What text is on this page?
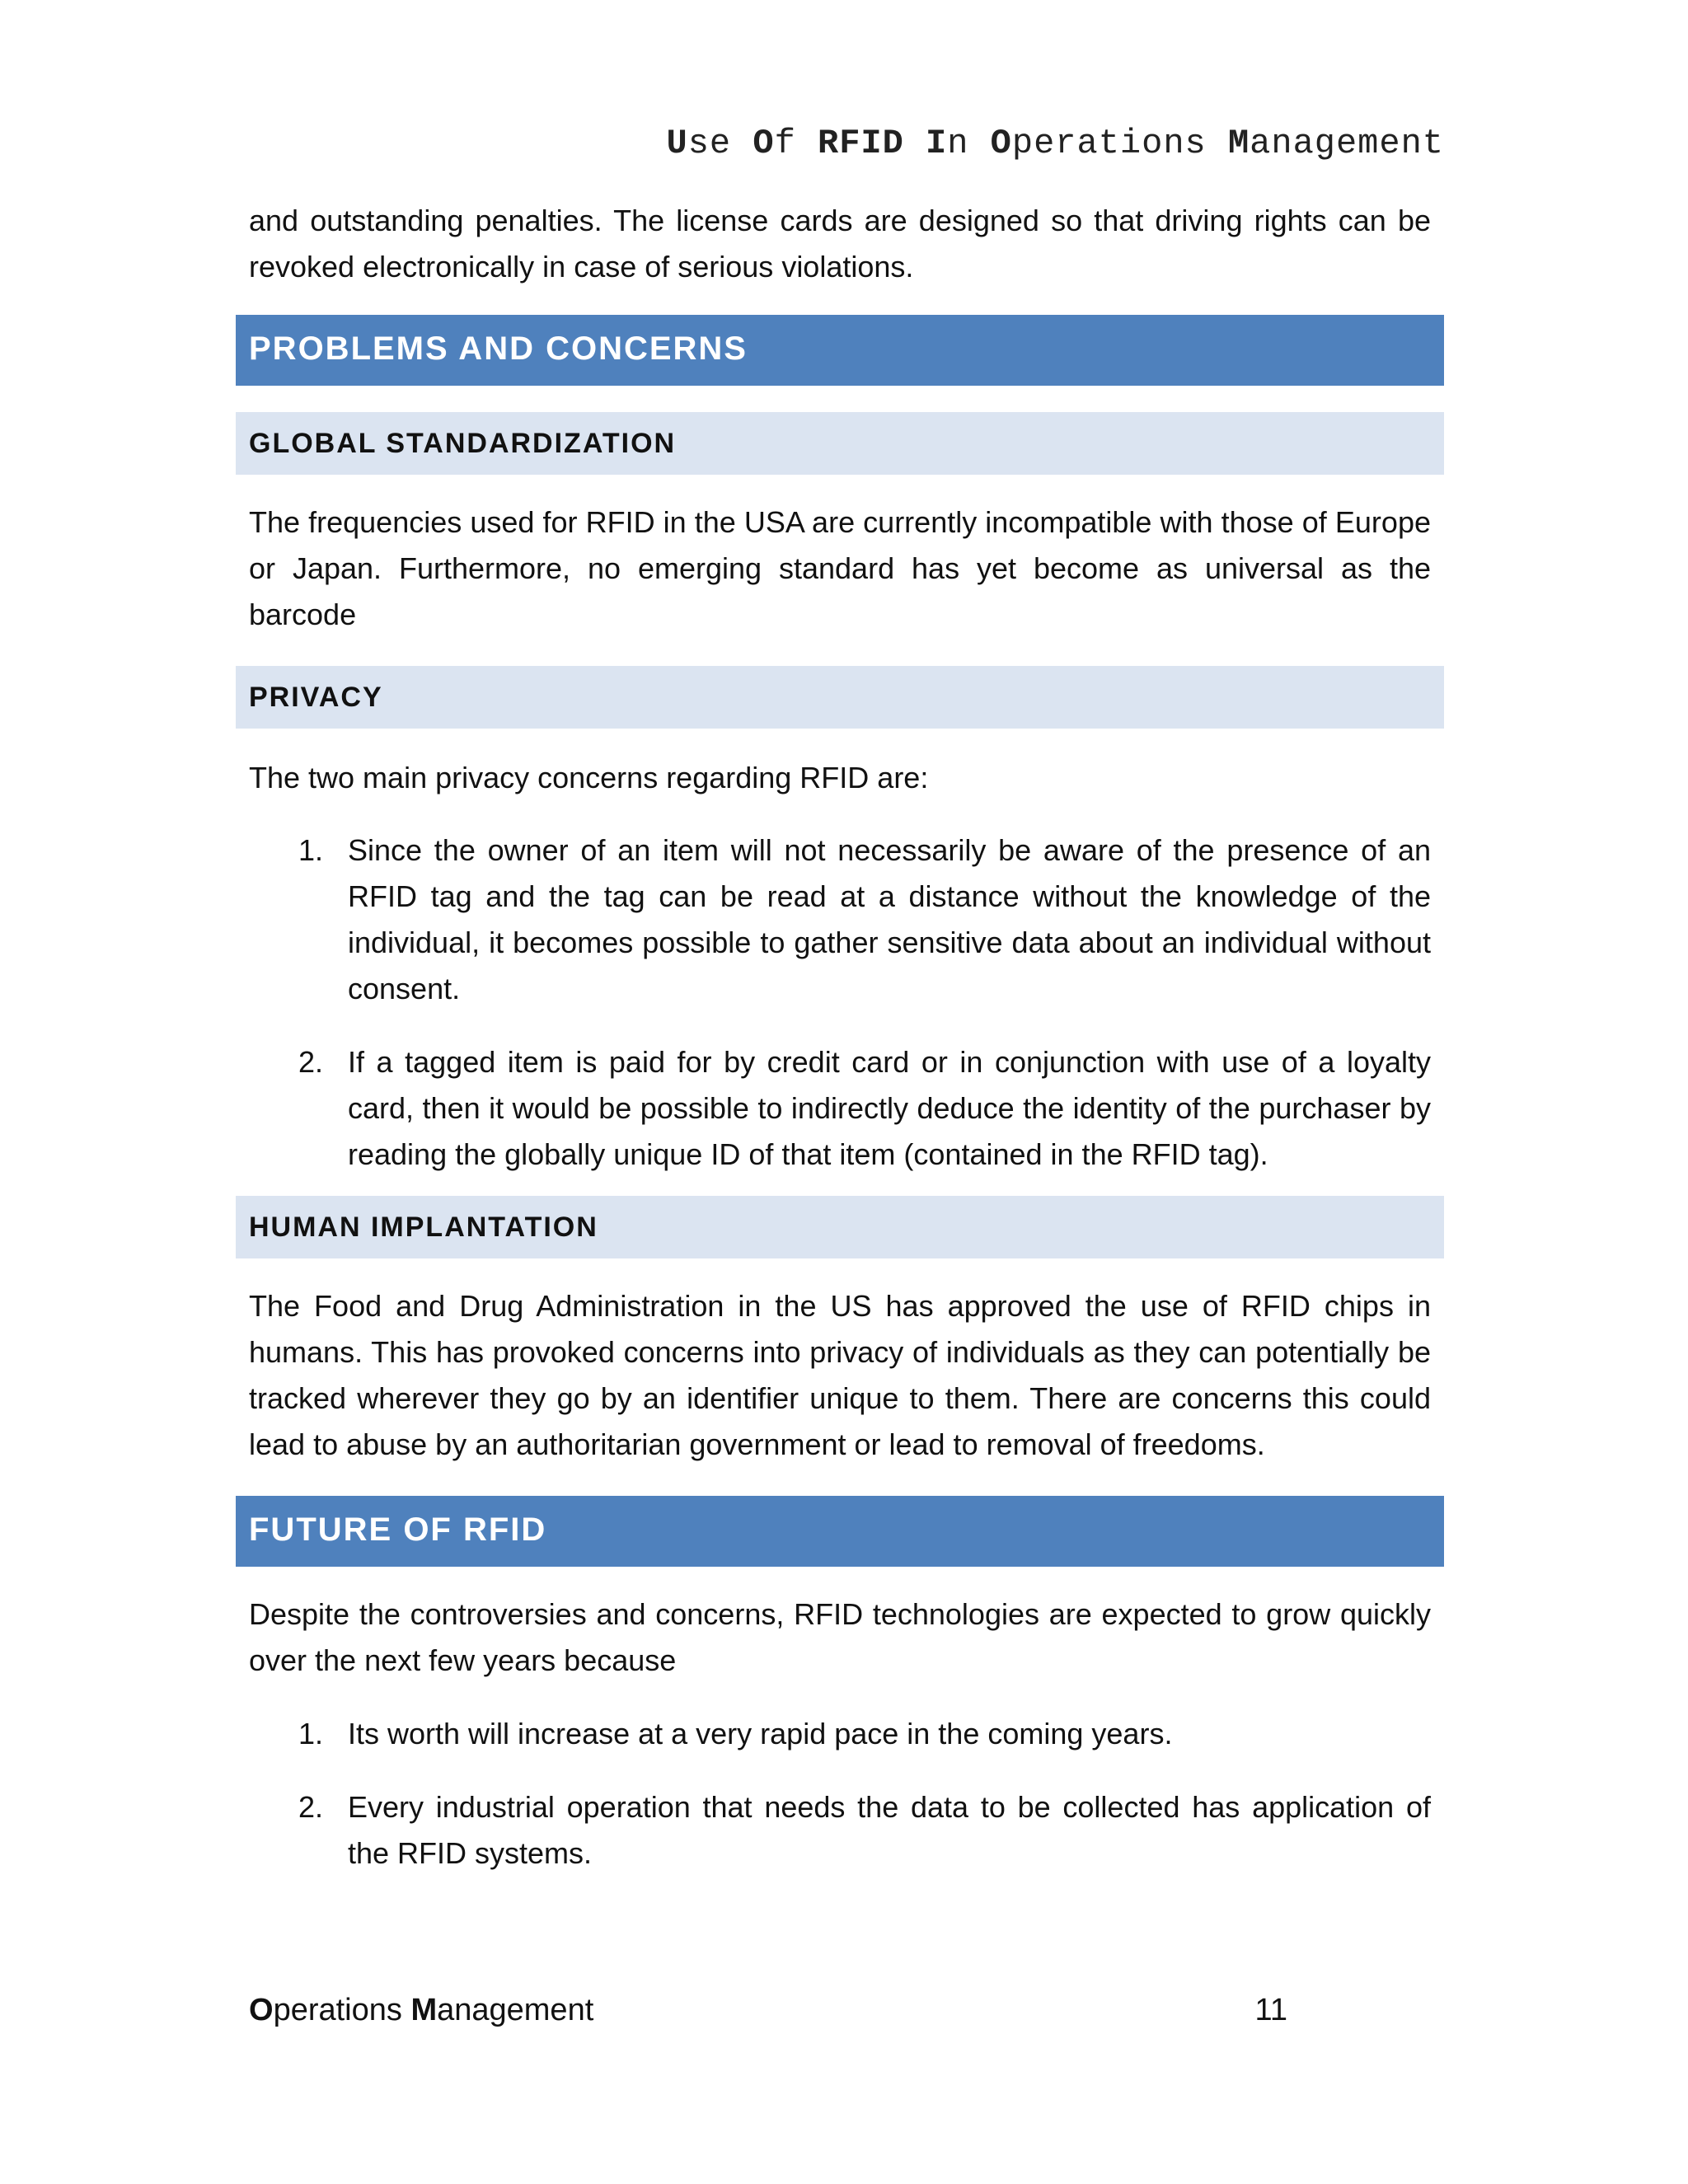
Use Of RFID In Operations Management

and outstanding penalties. The license cards are designed so that driving rights can be revoked electronically in case of serious violations.

PROBLEMS AND CONCERNS
GLOBAL STANDARDIZATION

The frequencies used for RFID in the USA are currently incompatible with those of Europe or Japan. Furthermore, no emerging standard has yet become as universal as the barcode

PRIVACY

The two main privacy concerns regarding RFID are:

1. Since the owner of an item will not necessarily be aware of the presence of an RFID tag and the tag can be read at a distance without the knowledge of the individual, it becomes possible to gather sensitive data about an individual without consent.
2. If a tagged item is paid for by credit card or in conjunction with use of a loyalty card, then it would be possible to indirectly deduce the identity of the purchaser by reading the globally unique ID of that item (contained in the RFID tag).
HUMAN IMPLANTATION

The Food and Drug Administration in the US has approved the use of RFID chips in humans. This has provoked concerns into privacy of individuals as they can potentially be tracked wherever they go by an identifier unique to them. There are concerns this could lead to abuse by an authoritarian government or lead to removal of freedoms.

FUTURE OF RFID

Despite the controversies and concerns, RFID technologies are expected to grow quickly over the next few years because

1. Its worth will increase at a very rapid pace in the coming years.
2. Every industrial operation that needs the data to be collected has application of the RFID systems.
Operations Management	11
